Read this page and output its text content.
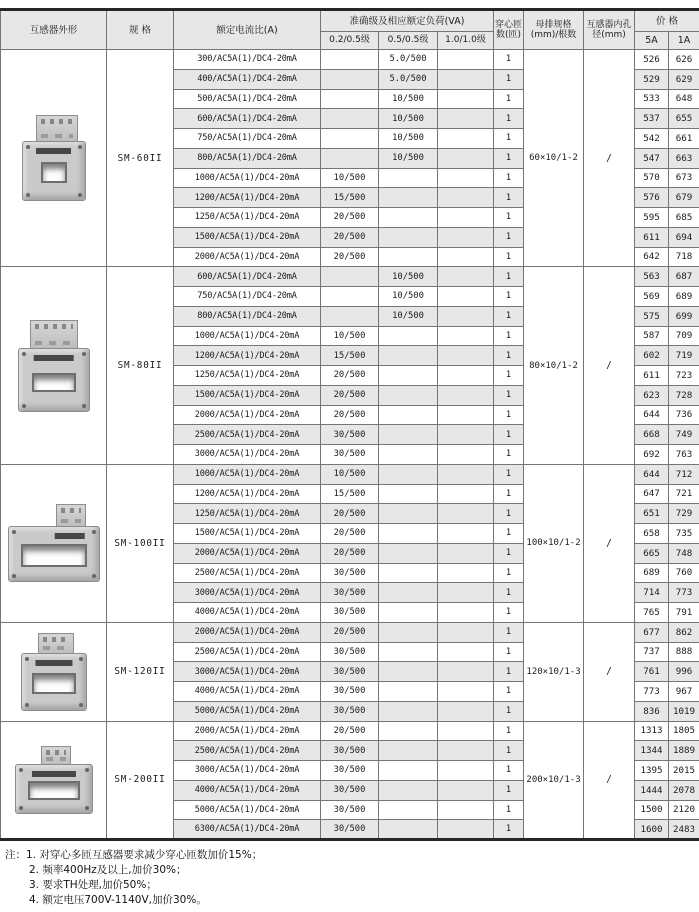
互感器外形	规 格	额定电流比(A)	准确级及相应额定负荷(VA)			穿心匝数(匝)	母排规格(mm)/根数	互感器内孔径(mm)	价 格	
			0.2/0.5级	0.5/0.5级	1.0/1.0级				5A	1A

	SM-60II	300/AC5A(1)/DC4-20mA		5.0/500		1	60×10/1-2	/	526	626
		400/AC5A(1)/DC4-20mA		5.0/500		1			529	629
		500/AC5A(1)/DC4-20mA		10/500		1			533	648
		600/AC5A(1)/DC4-20mA		10/500		1			537	655
		750/AC5A(1)/DC4-20mA		10/500		1			542	661
		800/AC5A(1)/DC4-20mA		10/500		1			547	663
		1000/AC5A(1)/DC4-20mA	10/500			1			570	673
		1200/AC5A(1)/DC4-20mA	15/500			1			576	679
		1250/AC5A(1)/DC4-20mA	20/500			1			595	685
		1500/AC5A(1)/DC4-20mA	20/500			1			611	694
		2000/AC5A(1)/DC4-20mA	20/500			1			642	718

	SM-80II	600/AC5A(1)/DC4-20mA		10/500		1	80×10/1-2	/	563	687
		750/AC5A(1)/DC4-20mA		10/500		1			569	689
		800/AC5A(1)/DC4-20mA		10/500		1			575	699
		1000/AC5A(1)/DC4-20mA	10/500			1			587	709
		1200/AC5A(1)/DC4-20mA	15/500			1			602	719
		1250/AC5A(1)/DC4-20mA	20/500			1			611	723
		1500/AC5A(1)/DC4-20mA	20/500			1			623	728
		2000/AC5A(1)/DC4-20mA	20/500			1			644	736
		2500/AC5A(1)/DC4-20mA	30/500			1			668	749
		3000/AC5A(1)/DC4-20mA	30/500			1			692	763

	SM-100II	1000/AC5A(1)/DC4-20mA	10/500			1	100×10/1-2	/	644	712
		1200/AC5A(1)/DC4-20mA	15/500			1			647	721
		1250/AC5A(1)/DC4-20mA	20/500			1			651	729
		1500/AC5A(1)/DC4-20mA	20/500			1			658	735
		2000/AC5A(1)/DC4-20mA	20/500			1			665	748
		2500/AC5A(1)/DC4-20mA	30/500			1			689	760
		3000/AC5A(1)/DC4-20mA	30/500			1			714	773
		4000/AC5A(1)/DC4-20mA	30/500			1			765	791

	SM-120II	2000/AC5A(1)/DC4-20mA	20/500			1	120×10/1-3	/	677	862
		2500/AC5A(1)/DC4-20mA	30/500			1			737	888
		3000/AC5A(1)/DC4-20mA	30/500			1			761	996
		4000/AC5A(1)/DC4-20mA	30/500			1			773	967
		5000/AC5A(1)/DC4-20mA	30/500			1			836	1019

	SM-200II	2000/AC5A(1)/DC4-20mA	20/500			1	200×10/1-3	/	1313	1805
		2500/AC5A(1)/DC4-20mA	30/500			1			1344	1889
		3000/AC5A(1)/DC4-20mA	30/500			1			1395	2015
		4000/AC5A(1)/DC4-20mA	30/500			1			1444	2078
		5000/AC5A(1)/DC4-20mA	30/500			1			1500	2120
		6300/AC5A(1)/DC4-20mA	30/500			1			1600	2483
注：1. 对穿心多匝互感器要求减少穿心匝数加价15%；
2. 频率400Hz及以上,加价30%；
3. 要求TH处理,加价50%；
4. 额定电压700V-1140V,加价30%。
